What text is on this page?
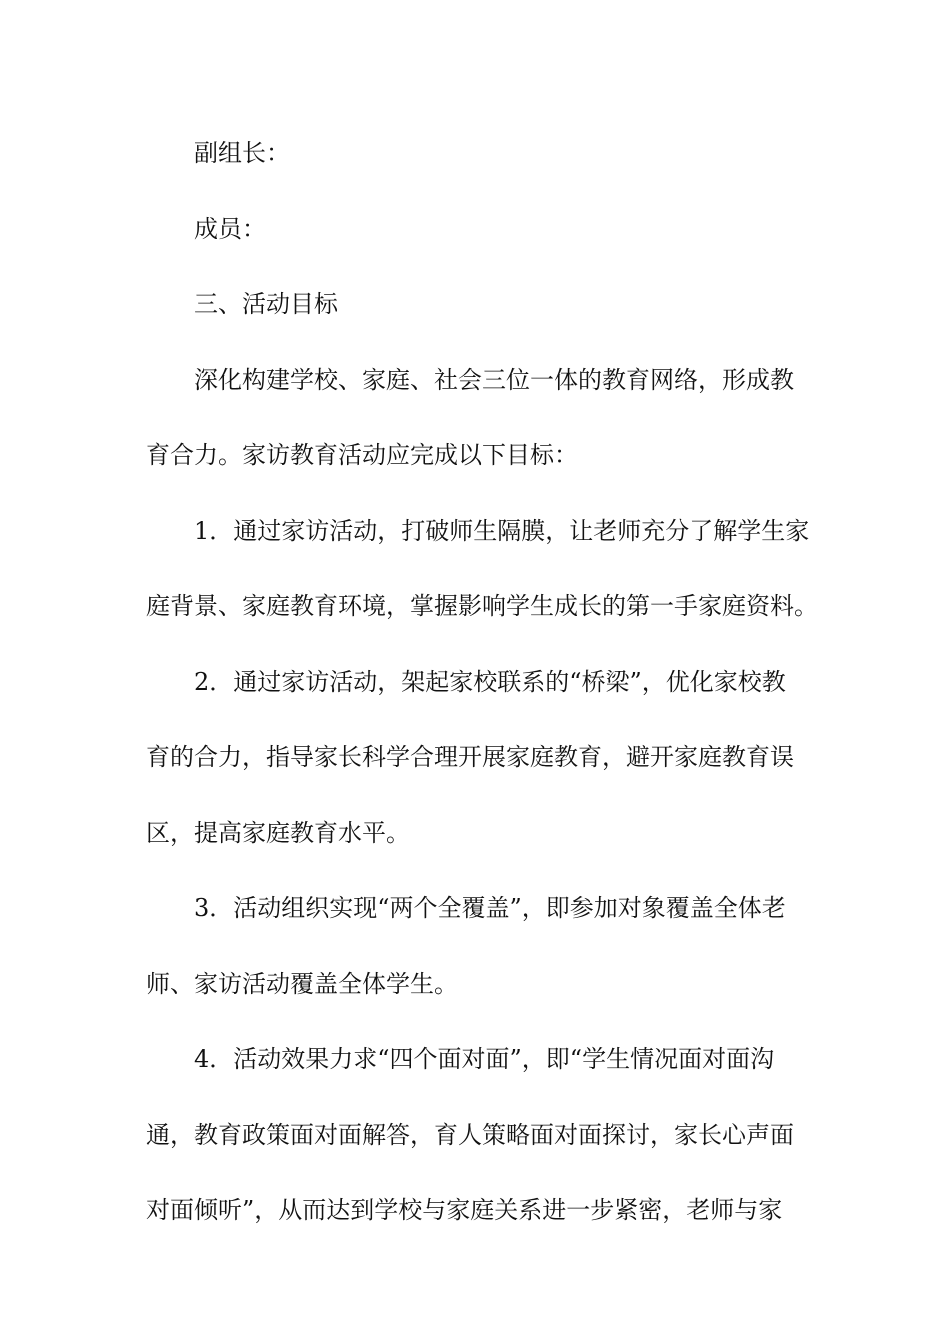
副组长：
成员：
三、活动目标
深化构建学校、家庭、社会三位一体的教育网络，形成教
育合力。家访教育活动应完成以下目标：
1．通过家访活动，打破师生隔膜，让老师充分了解学生家
庭背景、家庭教育环境，掌握影响学生成长的第一手家庭资料。
2．通过家访活动，架起家校联系的“桥梁”，优化家校教
育的合力，指导家长科学合理开展家庭教育，避开家庭教育误
区，提高家庭教育水平。
3．活动组织实现“两个全覆盖”，即参加对象覆盖全体老
师、家访活动覆盖全体学生。
4．活动效果力求“四个面对面”，即“学生情况面对面沟
通，教育政策面对面解答，育人策略面对面探讨，家长心声面
对面倾听”，从而达到学校与家庭关系进一步紧密，老师与家
